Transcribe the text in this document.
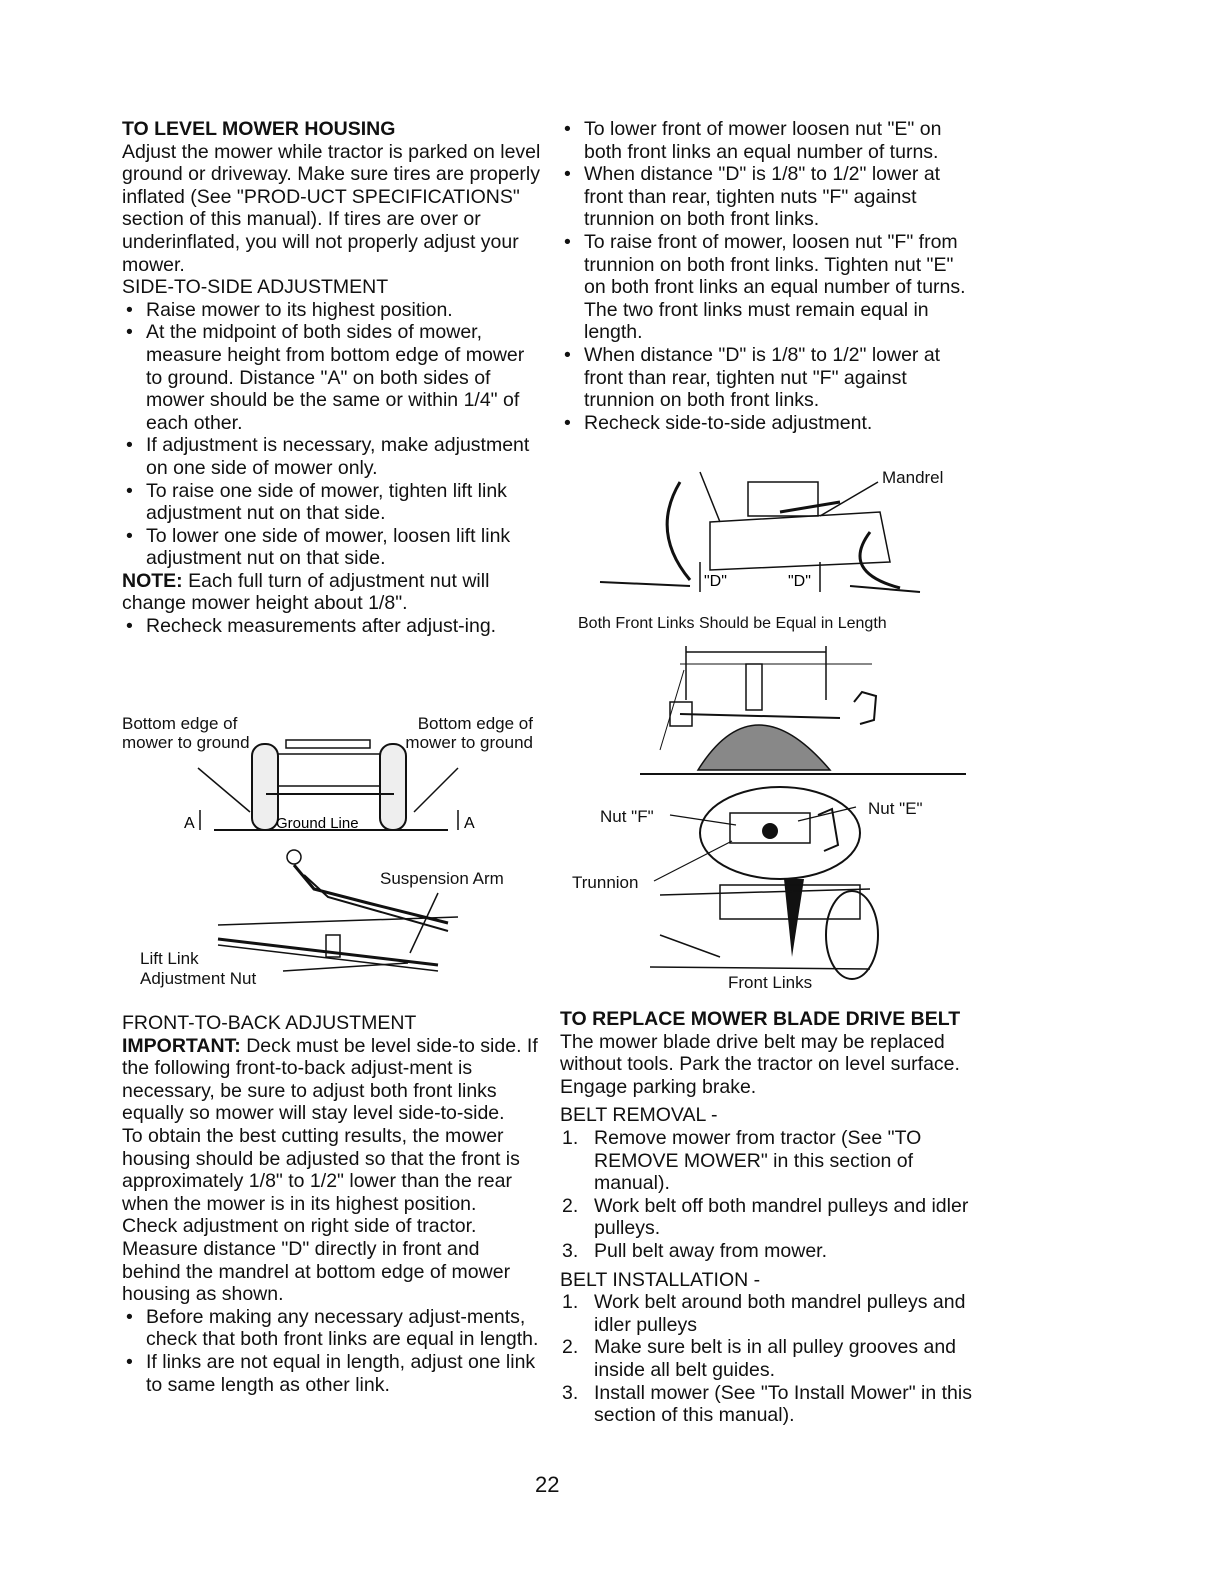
TO LEVEL MOWER HOUSING

Adjust the mower while tractor is parked on level ground or driveway. Make sure tires are properly inflated (See "PROD-UCT SPECIFICATIONS" section of this manual). If tires are over or underinflated, you will not properly adjust your mower.

SIDE-TO-SIDE ADJUSTMENT
• Raise mower to its highest position.
• At the midpoint of both sides of mower, measure height from bottom edge of mower to ground. Distance "A" on both sides of mower should be the same or within 1/4" of each other.
• If adjustment is necessary, make adjustment on one side of mower only.
• To raise one side of mower, tighten lift link adjustment nut on that side.
• To lower one side of mower, loosen lift link adjustment nut on that side.

NOTE: Each full turn of adjustment nut will change mower height about 1/8".

• Recheck measurements after adjust-ing.
Bottom edge of mower to ground
Bottom edge of mower to ground
Ground Line
A	A
Suspension Arm
Lift Link
Adjustment Nut
FRONT-TO-BACK ADJUSTMENT

IMPORTANT: Deck must be level side-to side. If the following front-to-back adjust-ment is necessary, be sure to adjust both front links equally so mower will stay level side-to-side.

To obtain the best cutting results, the mower housing should be adjusted so that the front is approximately 1/8" to 1/2" lower than the rear when the mower is in its highest position.

Check adjustment on right side of tractor. Measure distance "D" directly in front and behind the mandrel at bottom edge of mower housing as shown.

• Before making any necessary adjust-ments, check that both front links are equal in length.
• If links are not equal in length, adjust one link to same length as other link.
• To lower front of mower loosen nut "E" on both front links an equal number of turns.
• When distance "D" is 1/8" to 1/2" lower at front than rear, tighten nuts "F" against trunnion on both front links.
• To raise front of mower, loosen nut "F" from trunnion on both front links. Tighten nut "E" on both front links an equal number of turns. The two front links must remain equal in length.
• When distance "D" is 1/8" to 1/2" lower at front than rear, tighten nut "F" against trunnion on both front links.
• Recheck side-to-side adjustment.
"D"	"D"
Mandrel
Both Front Links Should be Equal in Length
Nut "F"	Nut "E"
Trunnion
Front Links
TO REPLACE MOWER BLADE DRIVE BELT

The mower blade drive belt may be replaced without tools. Park the tractor on level surface. Engage parking brake.

BELT REMOVAL -
1. Remove mower from tractor (See "TO REMOVE MOWER" in this section of manual).
2. Work belt off both mandrel pulleys and idler pulleys.
3. Pull belt away from mower.
BELT INSTALLATION -
1. Work belt around both mandrel pulleys and idler pulleys
2. Make sure belt is in all pulley grooves and inside all belt guides.
3. Install mower (See "To Install Mower" in this section of this manual).
22
